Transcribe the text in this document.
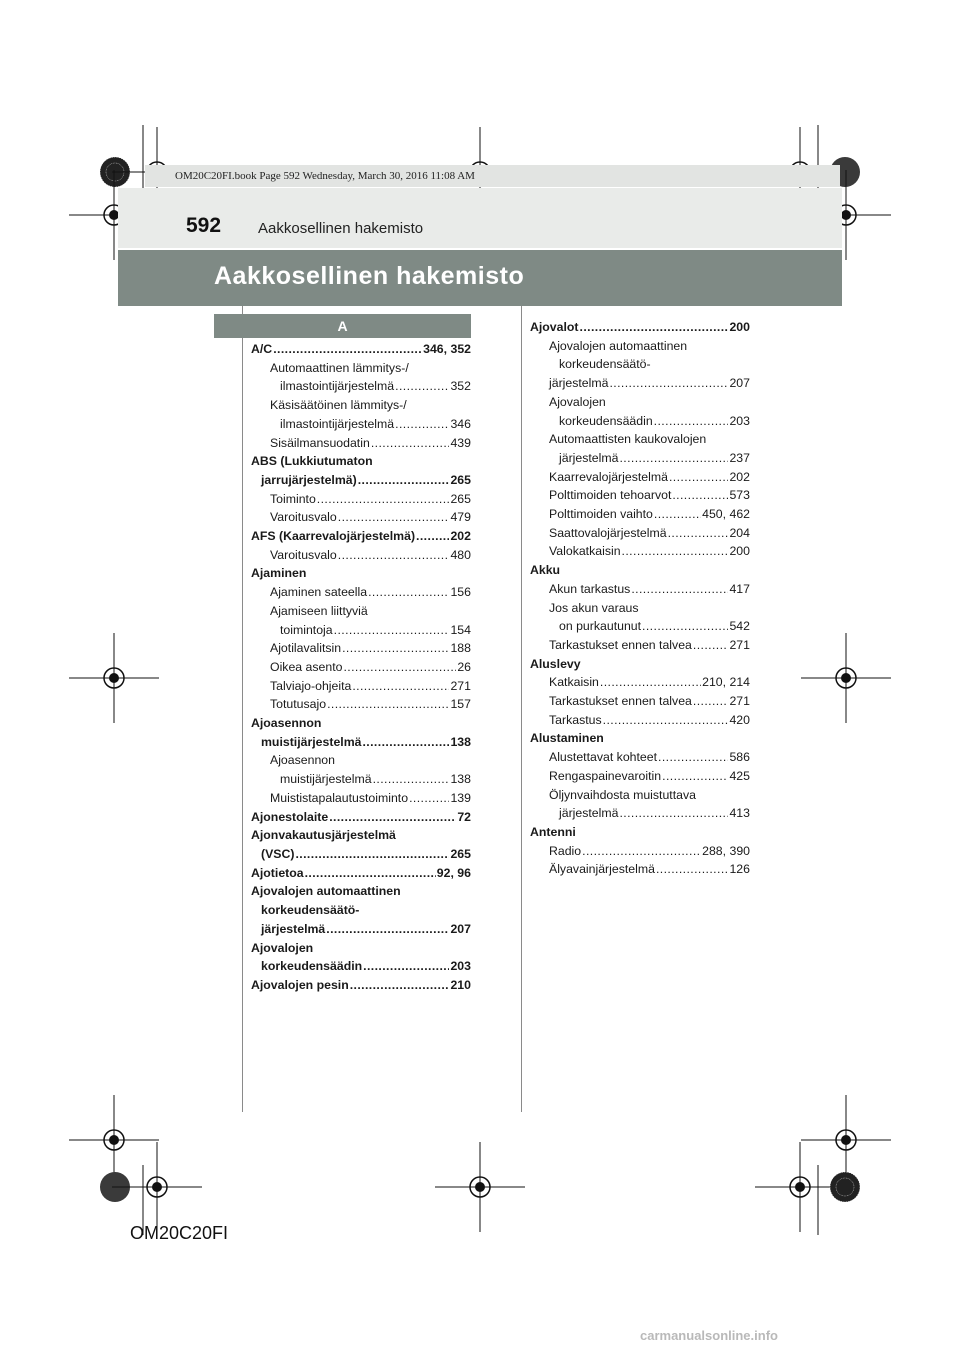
OM20C20FI.book Page 592 Wednesday, March 30, 2016 11:08 AM
592 Aakkosellinen hakemisto
Aakkosellinen hakemisto
A
A/C .....	346, 352
Automaattinen lämmitys-/
ilmastointijärjestelmä .....	352
Käsisäätöinen lämmitys-/
ilmastointijärjestelmä .....	346
Sisäilmansuodatin .....	439
ABS (Lukkiutumaton
jarrujärjestelmä) .....	265
Toiminto .....	265
Varoitusvalo .....	479
AFS (Kaarrevalojärjestelmä) .....	202
Varoitusvalo .....	480
Ajaminen
Ajaminen sateella .....	156
Ajamiseen liittyviä
toimintoja .....	154
Ajotilavalitsin .....	188
Oikea asento .....	26
Talviajo-ohjeita .....	271
Totutusajo .....	157
Ajoasennon
muistijärjestelmä .....	138
Ajoasennon
muistijärjestelmä .....	138
Muististapalautustoiminto .....	139
Ajonestolaite .....	72
Ajonvakautusjärjestelmä
(VSC) .....	265
Ajotietoa .....	92, 96
Ajovalojen automaattinen
korkeudensäätö-
järjestelmä .....	207
Ajovalojen
korkeudensäädin .....	203
Ajovalojen pesin .....	210
Ajovalot .....	200
Ajovalojen automaattinen
korkeudensäätö-
järjestelmä .....	207
Ajovalojen
korkeudensäädin .....	203
Automaattisten kaukovalojen
järjestelmä .....	237
Kaarrevalojärjestelmä .....	202
Polttimoiden tehoarvot .....	573
Polttimoiden vaihto .....	450, 462
Saattovalojärjestelmä .....	204
Valokatkaisin .....	200
Akku
Akun tarkastus .....	417
Jos akun varaus
on purkautunut .....	542
Tarkastukset ennen talvea .....	271
Aluslevy
Katkaisin .....	210, 214
Tarkastukset ennen talvea .....	271
Tarkastus .....	420
Alustaminen
Alustettavat kohteet .....	586
Rengaspainevaroitin .....	425
Öljynvaihdosta muistuttava
järjestelmä .....	413
Antenni
Radio .....	288, 390
Älyavainjärjestelmä .....	126
OM20C20FI
carmanualsonline.info
